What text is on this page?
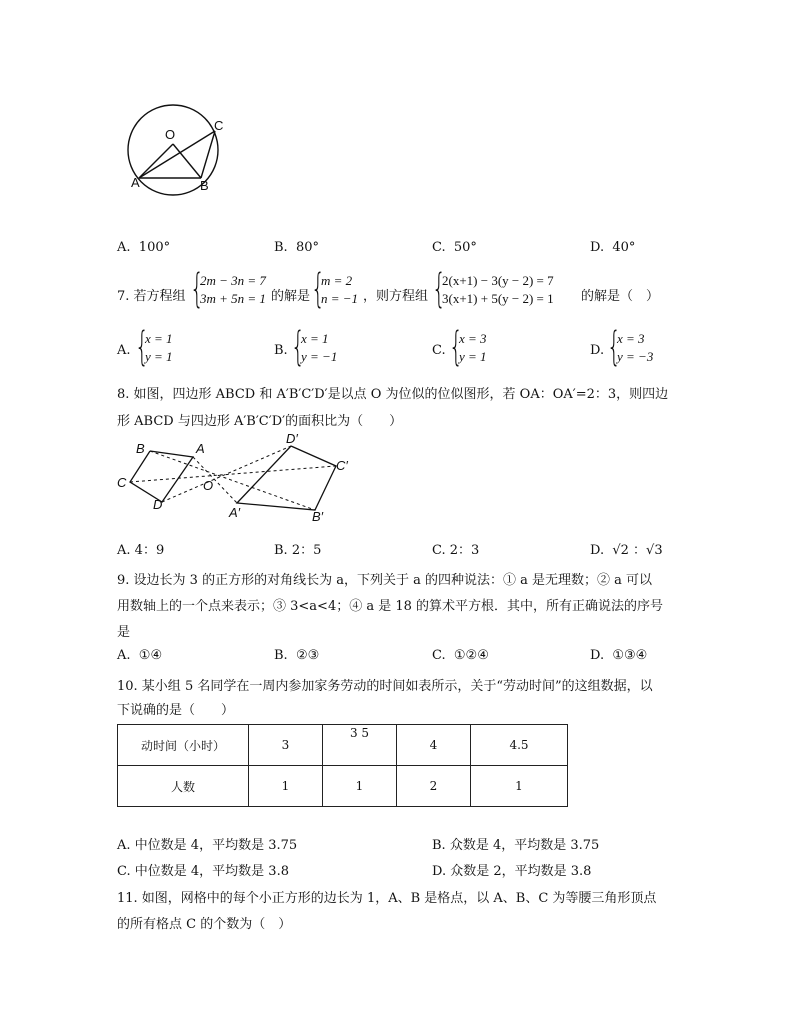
O
A	B
C
A. 100°	B. 80°	C. 50°	D. 40°
7. 若方程组 {
2m − 3n = 7
3m + 5n = 1 的解是 {
m = 2
n = −1 ，则方程组 {
2(x+1) − 3(y − 2) = 7
3(x+1) + 5(y − 2) = 1 的解是（　）
A. {
x = 1
y = 1	B. {
x = 1
y = −1	C. {
x = 3
y = 1	D. {
x = 3
y = −3
8. 如图，四边形 ABCD 和 A′B′C′D′是以点 O 为位似的位似图形，若 OA：OA′=2：3，则四边
形 ABCD 与四边形 A′B′C′D′的面积比为（　　）
B	A
C	O
D
D′
C′
A′	B′
A. 4：9	B. 2：5	C. 2：3	D. √2 ：√3
9. 设边长为 3 的正方形的对角线长为 a，下列关于 a 的四种说法：① a 是无理数；② a 可以
用数轴上的一个点来表示；③ 3<a<4；④ a 是 18 的算术平方根．其中，所有正确说法的序号
是
A. ①④	B. ②③	C. ①②④	D. ①③④
10. 某小组 5 名同学在一周内参加家务劳动的时间如表所示，关于“劳动时间”的这组数据，以
下说确的是（　　）
动时间（小时）	3	3 5	4	4.5
人数	1	1	2	1
A. 中位数是 4，平均数是 3.75	B. 众数是 4，平均数是 3.75
C. 中位数是 4，平均数是 3.8	D. 众数是 2，平均数是 3.8
11. 如图，网格中的每个小正方形的边长为 1，A、B 是格点，以 A、B、C 为等腰三角形顶点
的所有格点 C 的个数为（　）
